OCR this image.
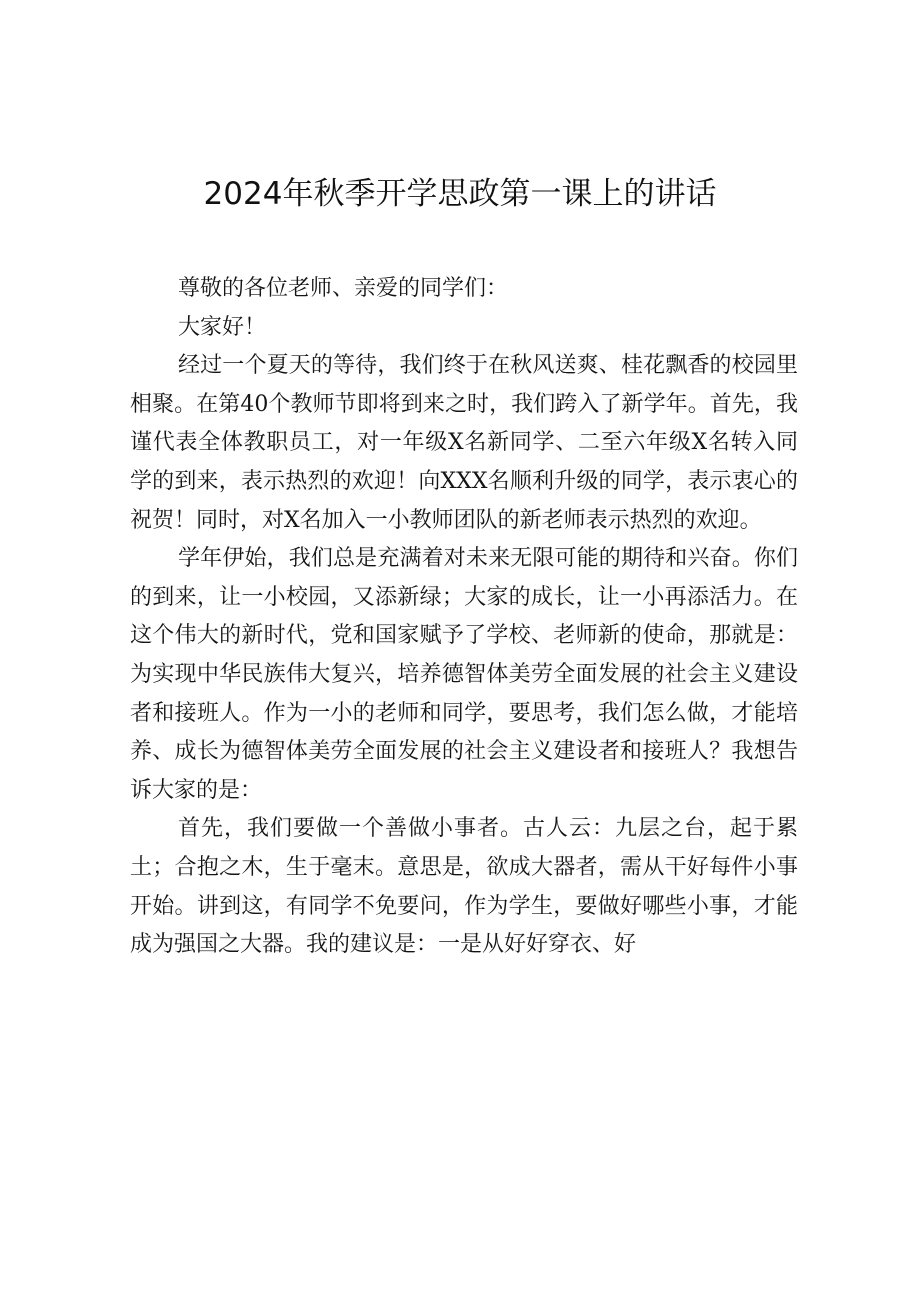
2024年秋季开学思政第一课上的讲话

尊敬的各位老师、亲爱的同学们：

大家好！

经过一个夏天的等待，我们终于在秋风送爽、桂花飘香的校园里相聚。在第40个教师节即将到来之时，我们跨入了新学年。首先，我谨代表全体教职员工，对一年级X名新同学、二至六年级X名转入同学的到来，表示热烈的欢迎！向XXX名顺利升级的同学，表示衷心的祝贺！同时，对X名加入一小教师团队的新老师表示热烈的欢迎。

学年伊始，我们总是充满着对未来无限可能的期待和兴奋。你们的到来，让一小校园，又添新绿；大家的成长，让一小再添活力。在这个伟大的新时代，党和国家赋予了学校、老师新的使命，那就是：为实现中华民族伟大复兴，培养德智体美劳全面发展的社会主义建设者和接班人。作为一小的老师和同学，要思考，我们怎么做，才能培养、成长为德智体美劳全面发展的社会主义建设者和接班人？我想告诉大家的是：

首先，我们要做一个善做小事者。古人云：九层之台，起于累土；合抱之木，生于毫末。意思是，欲成大器者，需从干好每件小事开始。讲到这，有同学不免要问，作为学生，要做好哪些小事，才能成为强国之大器。我的建议是：一是从好好穿衣、好
